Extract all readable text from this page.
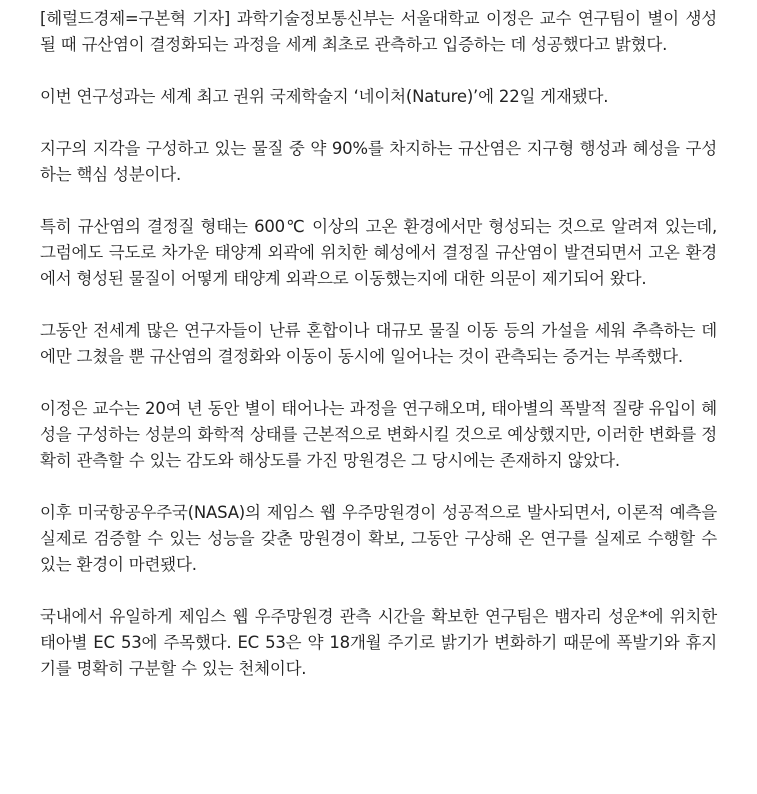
[헤럴드경제=구본혁 기자] 과학기술정보통신부는 서울대학교 이정은 교수 연구팀이 별이 생성될 때 규산염이 결정화되는 과정을 세계 최초로 관측하고 입증하는 데 성공했다고 밝혔다.

이번 연구성과는 세계 최고 권위 국제학술지 ‘네이처(Nature)’에 22일 게재됐다.

지구의 지각을 구성하고 있는 물질 중 약 90%를 차지하는 규산염은 지구형 행성과 혜성을 구성하는 핵심 성분이다.

특히 규산염의 결정질 형태는 600℃ 이상의 고온 환경에서만 형성되는 것으로 알려져 있는데, 그럼에도 극도로 차가운 태양계 외곽에 위치한 혜성에서 결정질 규산염이 발견되면서 고온 환경에서 형성된 물질이 어떻게 태양계 외곽으로 이동했는지에 대한 의문이 제기되어 왔다.

그동안 전세계 많은 연구자들이 난류 혼합이나 대규모 물질 이동 등의 가설을 세워 추측하는 데에만 그쳤을 뿐 규산염의 결정화와 이동이 동시에 일어나는 것이 관측되는 증거는 부족했다.

이정은 교수는 20여 년 동안 별이 태어나는 과정을 연구해오며, 태아별의 폭발적 질량 유입이 혜성을 구성하는 성분의 화학적 상태를 근본적으로 변화시킬 것으로 예상했지만, 이러한 변화를 정확히 관측할 수 있는 감도와 해상도를 가진 망원경은 그 당시에는 존재하지 않았다.

이후 미국항공우주국(NASA)의 제임스 웹 우주망원경이 성공적으로 발사되면서, 이론적 예측을 실제로 검증할 수 있는 성능을 갖춘 망원경이 확보, 그동안 구상해 온 연구를 실제로 수행할 수 있는 환경이 마련됐다.

국내에서 유일하게 제임스 웹 우주망원경 관측 시간을 확보한 연구팀은 뱀자리 성운*에 위치한 태아별 EC 53에 주목했다. EC 53은 약 18개월 주기로 밝기가 변화하기 때문에 폭발기와 휴지기를 명확히 구분할 수 있는 천체이다.
